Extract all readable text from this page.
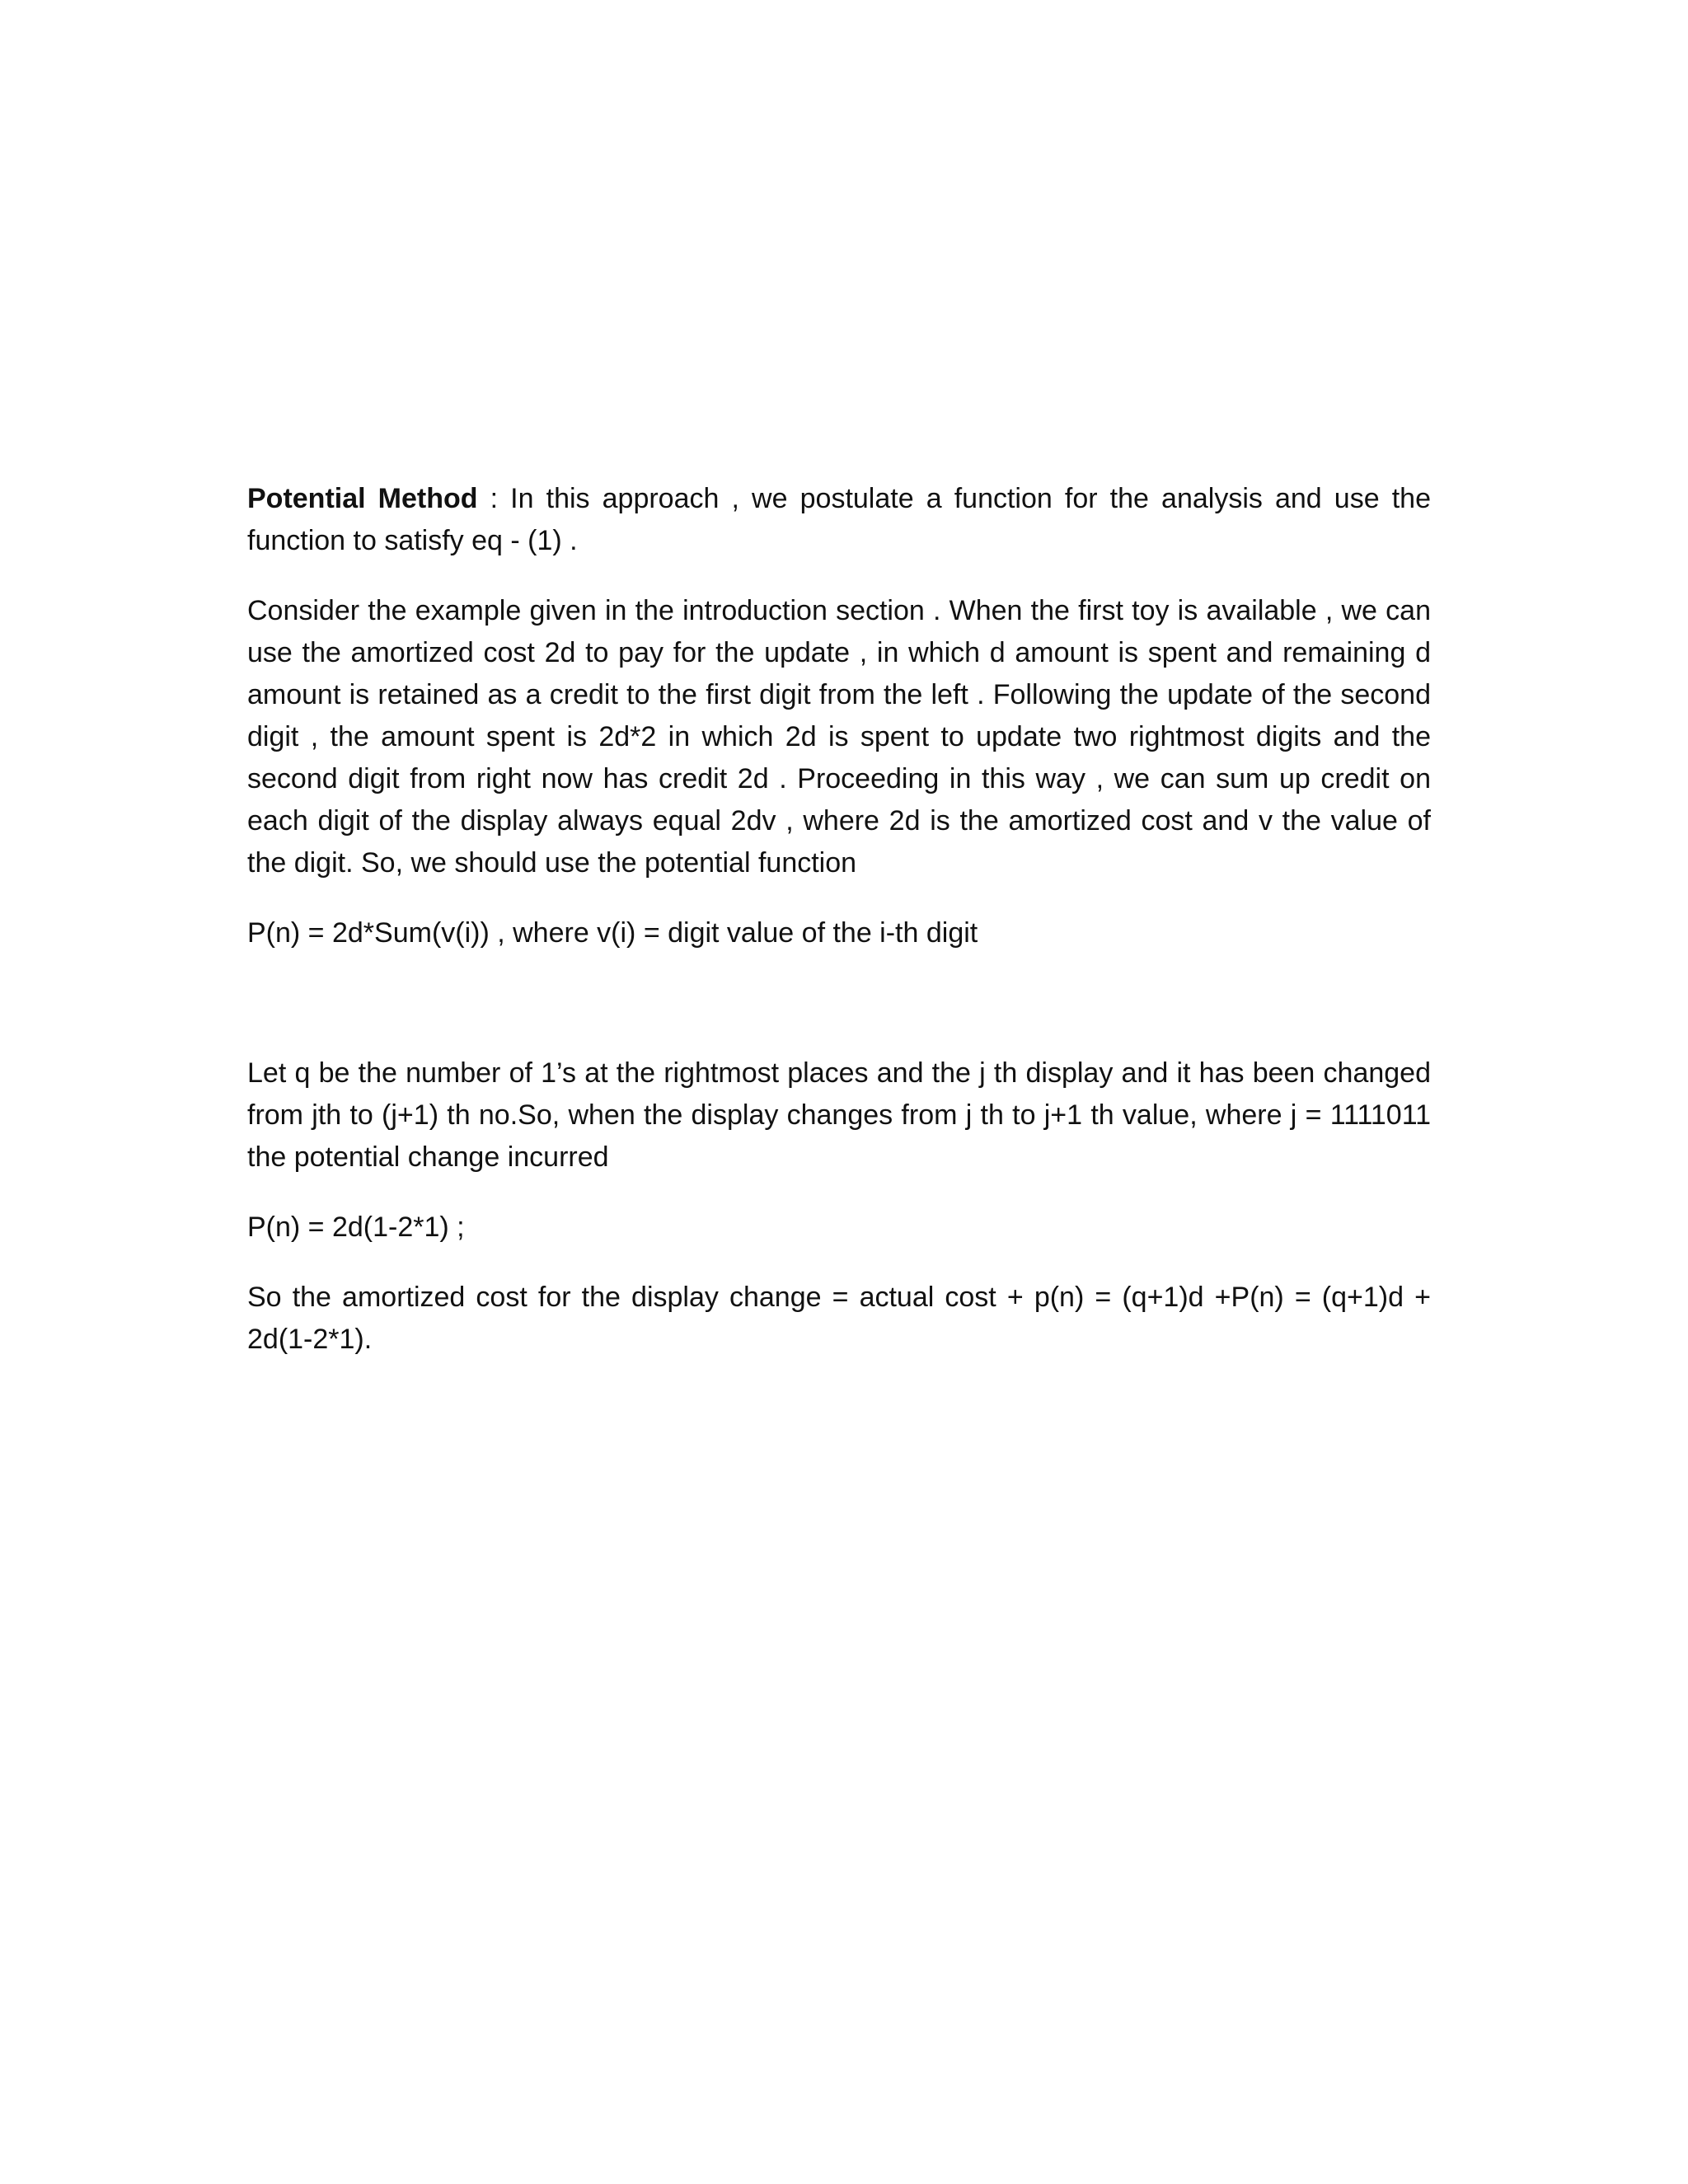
Potential Method : In this approach , we postulate a function for the analysis and use the function to satisfy eq - (1) .

Consider the example given in the introduction section . When the first toy is available , we can use the amortized cost 2d to pay for the update , in which d amount is spent and remaining d amount is retained as a credit to the first digit from the left . Following the update of the second digit , the amount spent is 2d*2 in which 2d is spent to update two rightmost digits and the second digit from right now has credit 2d . Proceeding in this way , we can sum up credit on each digit of the display always equal 2dv , where 2d is the amortized cost and v the value of the digit. So, we should use the potential function

P(n) = 2d*Sum(v(i)) , where v(i) = digit value of the i-th digit

Let q be the number of 1’s at the rightmost places and the j th display and it has been changed from jth to (j+1) th no.So, when the display changes from j th to j+1 th value, where j = 1111011 the potential change incurred

P(n) = 2d(1-2*1) ;

So the amortized cost for the display change = actual cost + p(n) = (q+1)d +P(n) = (q+1)d + 2d(1-2*1).
